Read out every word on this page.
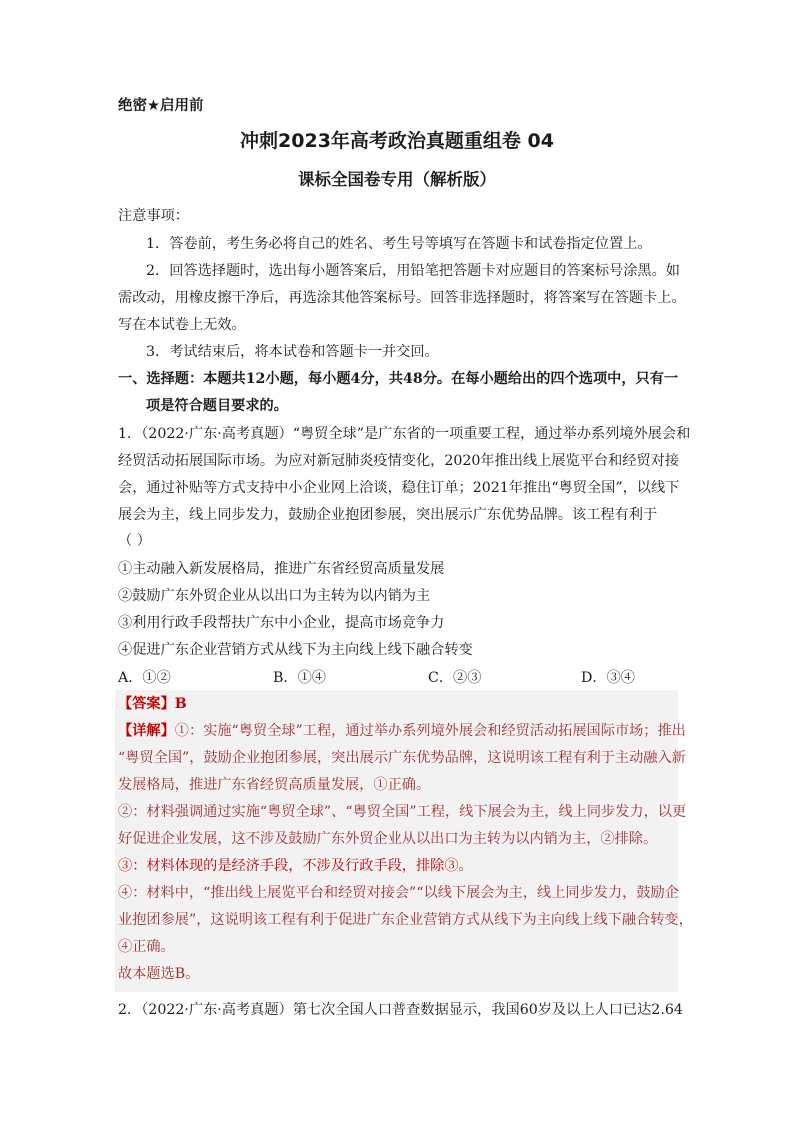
绝密★启用前
冲刺2023年高考政治真题重组卷 04
课标全国卷专用（解析版）
注意事项：
1．答卷前，考生务必将自己的姓名、考生号等填写在答题卡和试卷指定位置上。
2．回答选择题时，选出每小题答案后，用铅笔把答题卡对应题目的答案标号涂黑。如
需改动，用橡皮擦干净后，再选涂其他答案标号。回答非选择题时，将答案写在答题卡上。
写在本试卷上无效。
3．考试结束后，将本试卷和答题卡一并交回。
一、选择题：本题共12小题，每小题4分，共48分。在每小题给出的四个选项中，只有一
项是符合题目要求的。
1．（2022·广东·高考真题）“粤贸全球”是广东省的一项重要工程，通过举办系列境外展会和
经贸活动拓展国际市场。为应对新冠肺炎疫情变化，2020年推出线上展览平台和经贸对接
会，通过补贴等方式支持中小企业网上洽谈，稳住订单；2021年推出“粤贸全国”，以线下
展会为主，线上同步发力，鼓励企业抱团参展，突出展示广东优势品牌。该工程有利于
（ ）
①主动融入新发展格局，推进广东省经贸高质量发展
②鼓励广东外贸企业从以出口为主转为以内销为主
③利用行政手段帮扶广东中小企业，提高市场竞争力
④促进广东企业营销方式从线下为主向线上线下融合转变
A．①②	B．①④	C．②③	D．③④
【答案】B
【详解】①：实施“粤贸全球”工程，通过举办系列境外展会和经贸活动拓展国际市场；推出
“粤贸全国”，鼓励企业抱团参展，突出展示广东优势品牌，这说明该工程有利于主动融入新
发展格局，推进广东省经贸高质量发展，①正确。
②：材料强调通过实施“粤贸全球”、“粤贸全国”工程，线下展会为主，线上同步发力，以更
好促进企业发展，这不涉及鼓励广东外贸企业从以出口为主转为以内销为主，②排除。
③：材料体现的是经济手段，不涉及行政手段，排除③。
④：材料中，“推出线上展览平台和经贸对接会”“以线下展会为主，线上同步发力，鼓励企
业抱团参展”，这说明该工程有利于促进广东企业营销方式从线下为主向线上线下融合转变，
④正确。
故本题选B。
2．（2022·广东·高考真题）第七次全国人口普查数据显示，我国60岁及以上人口已达2.64
